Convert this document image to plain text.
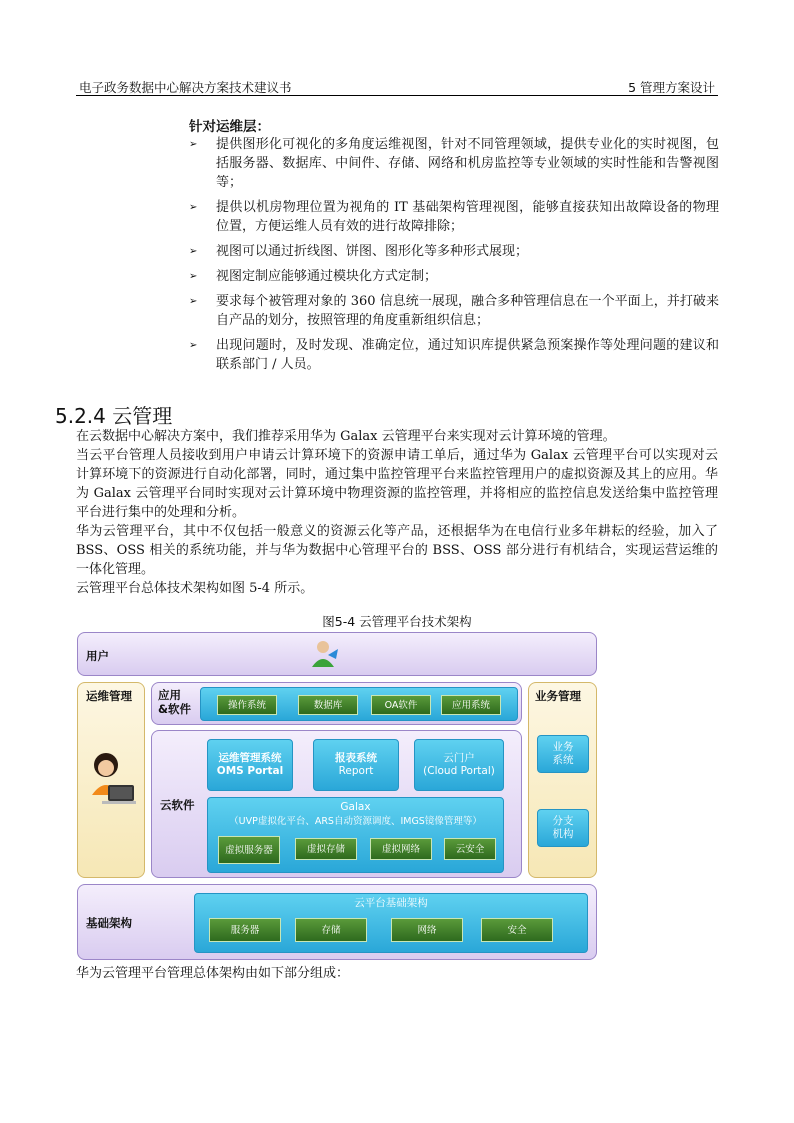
电子政务数据中心解决方案技术建议书	5 管理方案设计
针对运维层：
➢ 提供图形化可视化的多角度运维视图，针对不同管理领域，提供专业化的实时视图，包括服务器、数据库、中间件、存储、网络和机房监控等专业领域的实时性能和告警视图等；
➢ 提供以机房物理位置为视角的 IT 基础架构管理视图，能够直接获知出故障设备的物理位置，方便运维人员有效的进行故障排除；
➢ 视图可以通过折线图、饼图、图形化等多种形式展现；
➢ 视图定制应能够通过模块化方式定制；
➢ 要求每个被管理对象的 360 信息统一展现，融合多种管理信息在一个平面上，并打破来自产品的划分，按照管理的角度重新组织信息；
➢ 出现问题时，及时发现、准确定位，通过知识库提供紧急预案操作等处理问题的建议和联系部门 / 人员。
5.2.4 云管理

在云数据中心解决方案中，我们推荐采用华为 Galax 云管理平台来实现对云计算环境的管理。

当云平台管理人员接收到用户申请云计算环境下的资源申请工单后，通过华为 Galax 云管理平台可以实现对云计算环境下的资源进行自动化部署，同时，通过集中监控管理平台来监控管理用户的虚拟资源及其上的应用。华为 Galax 云管理平台同时实现对云计算环境中物理资源的监控管理，并将相应的监控信息发送给集中监控管理平台进行集中的处理和分析。

华为云管理平台，其中不仅包括一般意义的资源云化等产品，还根据华为在电信行业多年耕耘的经验，加入了 BSS、OSS 相关的系统功能，并与华为数据中心管理平台的 BSS、OSS 部分进行有机结合，实现运营运维的一体化管理。

云管理平台总体技术架构如图 5-4 所示。

图5-4 云管理平台技术架构
用户
运维管理 应用
&软件	操作系统	数据库	OA软件	应用系统
云软件
运维管理系统
OMS Portal
报表系统
Report
云门户
(Cloud Portal)
Galax
（UVP虚拟化平台、ARS自动资源调度、IMGS镜像管理等）
虚拟服务器	虚拟存储	虚拟网络	云安全
业务管理
业务
系统
分支
机构
基础架构
云平台基础架构
服务器	存储	网络	安全
华为云管理平台管理总体架构由如下部分组成：
